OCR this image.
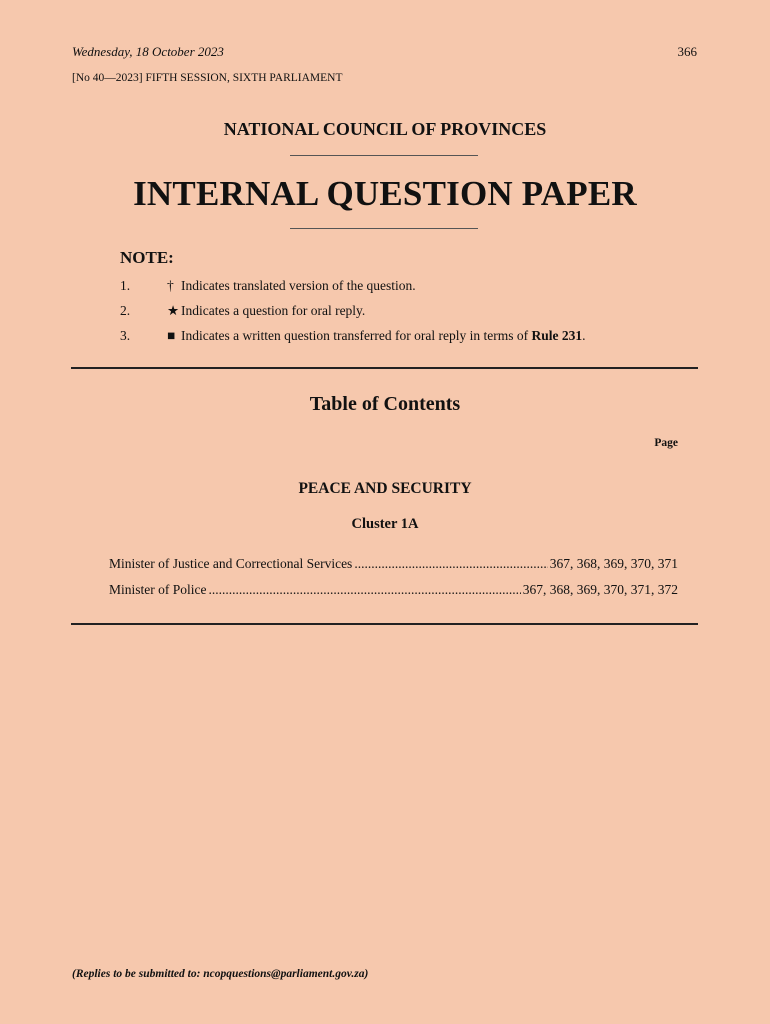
Wednesday, 18 October 2023	366
[No 40—2023] FIFTH SESSION, SIXTH PARLIAMENT
NATIONAL COUNCIL OF PROVINCES
INTERNAL QUESTION PAPER
NOTE:
1.	† Indicates translated version of the question.
2.	★ Indicates a question for oral reply.
3.	■ Indicates a written question transferred for oral reply in terms of Rule 231.
Table of Contents
Page
PEACE AND SECURITY
Cluster 1A
Minister of Justice and Correctional Services .....	367, 368, 369, 370, 371
Minister of Police .....	367, 368, 369, 370, 371, 372
(Replies to be submitted to: ncopquestions@parliament.gov.za)
